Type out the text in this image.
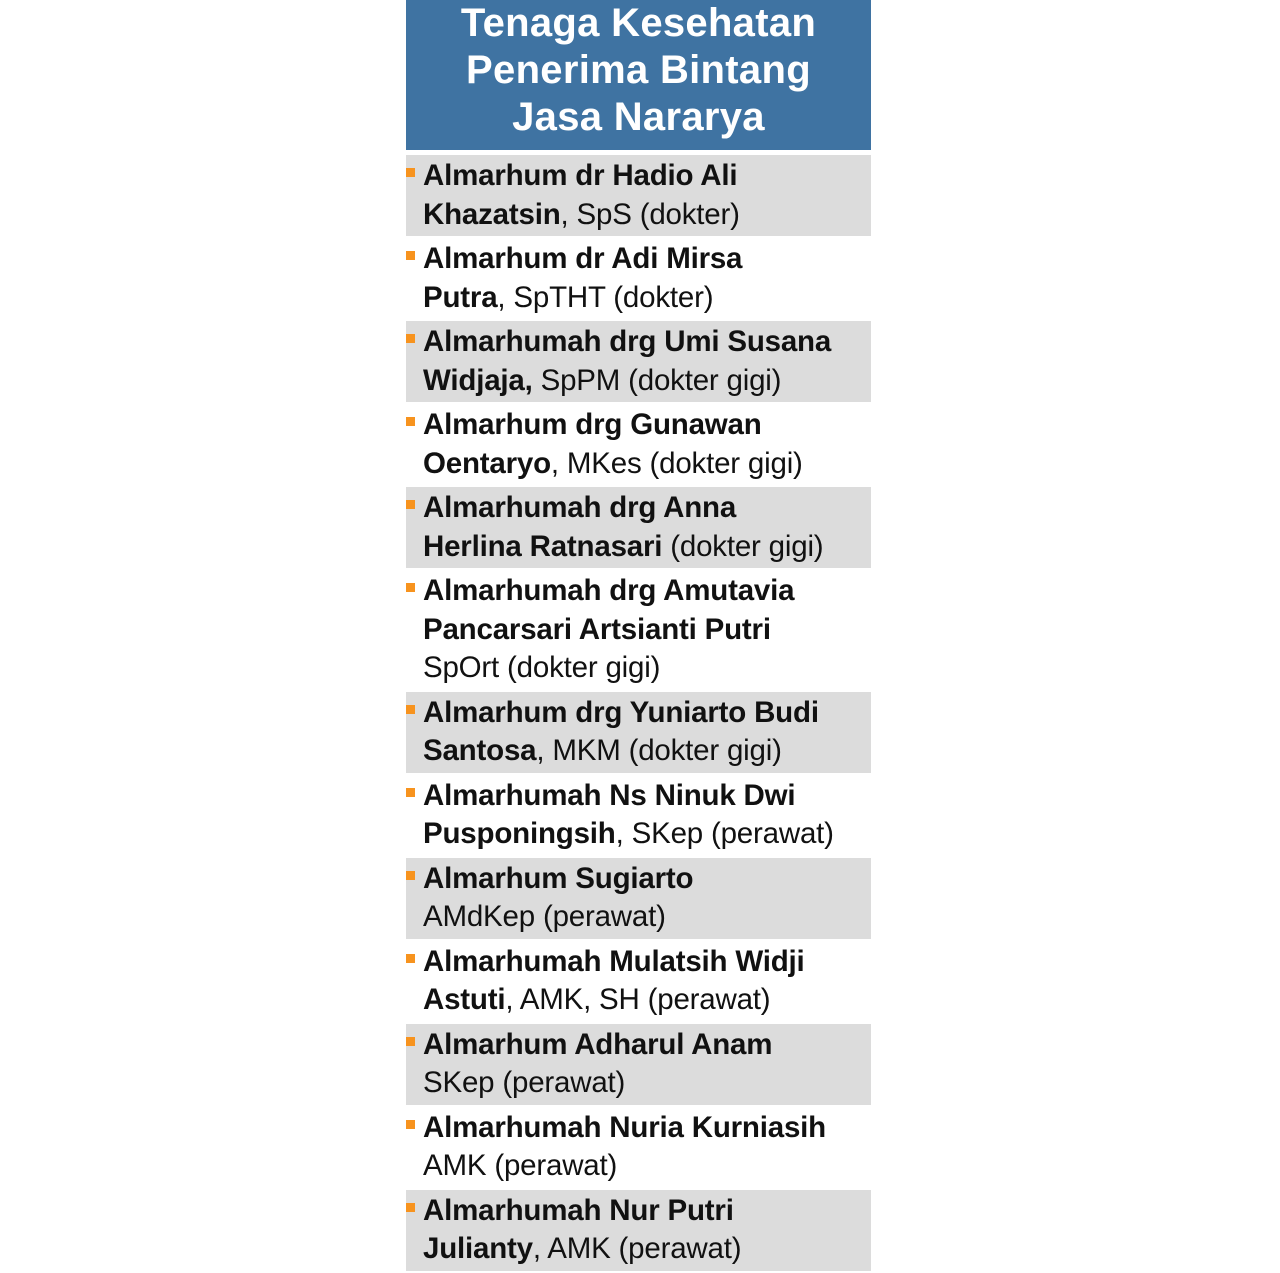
Tenaga Kesehatan
Penerima Bintang
Jasa Nararya
Almarhum dr Hadio Ali
Khazatsin, SpS (dokter)
Almarhum dr Adi Mirsa
Putra, SpTHT (dokter)
Almarhumah drg Umi Susana
Widjaja, SpPM (dokter gigi)
Almarhum drg Gunawan
Oentaryo, MKes (dokter gigi)
Almarhumah drg Anna
Herlina Ratnasari (dokter gigi)
Almarhumah drg Amutavia
Pancarsari Artsianti Putri
SpOrt (dokter gigi)
Almarhum drg Yuniarto Budi
Santosa, MKM (dokter gigi)
Almarhumah Ns Ninuk Dwi
Pusponingsih, SKep (perawat)
Almarhum Sugiarto
AMdKep (perawat)
Almarhumah Mulatsih Widji
Astuti, AMK, SH (perawat)
Almarhum Adharul Anam
SKep (perawat)
Almarhumah Nuria Kurniasih
AMK (perawat)
Almarhumah Nur Putri
Julianty, AMK (perawat)
